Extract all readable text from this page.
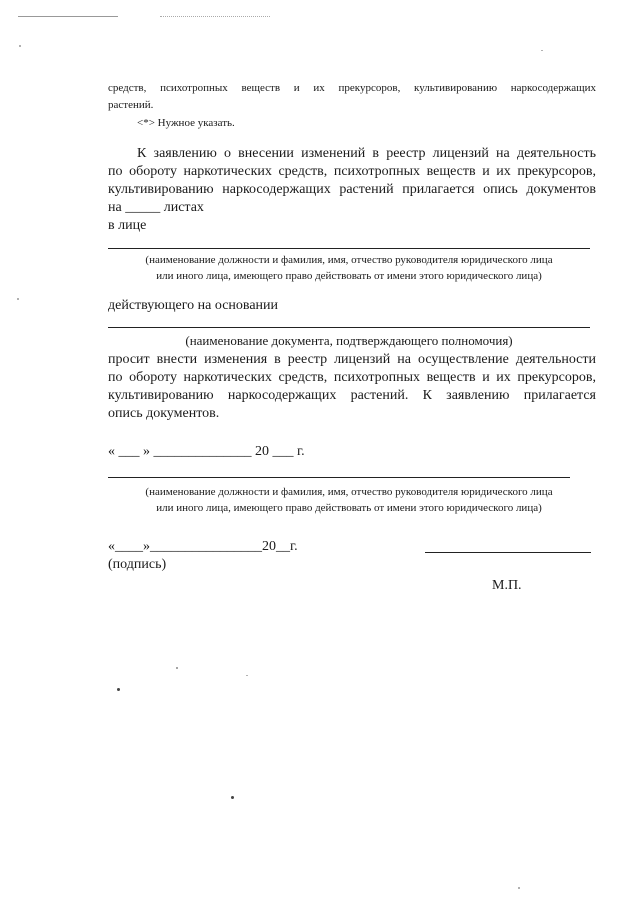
средств, психотропных веществ и их прекурсоров, культивированию наркосодержащих
растений.
<*> Нужное указать.
К заявлению о внесении изменений в реестр лицензий на деятельность
по обороту наркотических средств, психотропных веществ и их прекурсоров,
культивированию наркосодержащих растений прилагается опись документов
на _____ листах
в лице
(наименование должности и фамилия, имя, отчество руководителя юридического лица
или иного лица, имеющего право действовать от имени этого юридического лица)
действующего на основании
(наименование документа, подтверждающего полномочия)
просит внести изменения в реестр лицензий на осуществление деятельности
по обороту наркотических средств, психотропных веществ и их прекурсоров,
культивированию наркосодержащих растений. К заявлению прилагается
опись документов.
« ___ » ______________ 20 ___ г.
(наименование должности и фамилия, имя, отчество руководителя юридического лица
или иного лица, имеющего право действовать от имени этого юридического лица)
«____»________________20__г.
(подпись)
М.П.
